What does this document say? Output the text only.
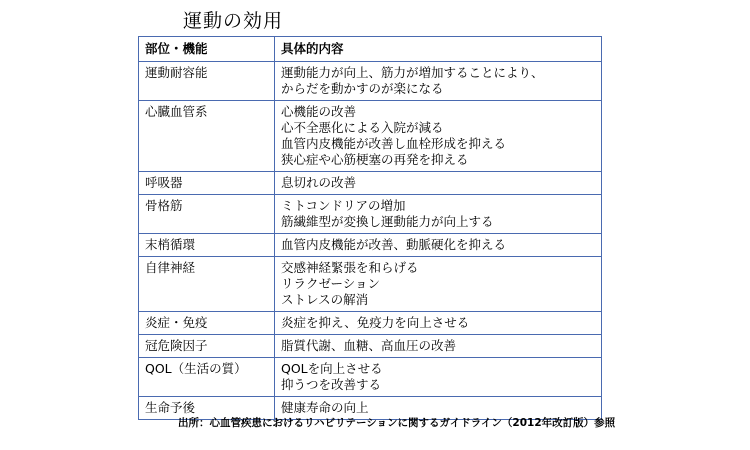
運動の効用
部位・機能	具体的内容
運動耐容能	運動能力が向上、筋力が増加することにより、
からだを動かすのが楽になる

心臓血管系	心機能の改善
心不全悪化による入院が減る
血管内皮機能が改善し血栓形成を抑える
狭心症や心筋梗塞の再発を抑える

呼吸器	息切れの改善

骨格筋	ミトコンドリアの増加
筋繊維型が変換し運動能力が向上する

末梢循環	血管内皮機能が改善、動脈硬化を抑える

自律神経	交感神経緊張を和らげる
リラクゼーション
ストレスの解消

炎症・免疫	炎症を抑え、免疫力を向上させる

冠危険因子	脂質代謝、血糖、高血圧の改善

QOL（生活の質）	QOLを向上させる
抑うつを改善する

生命予後	健康寿命の向上
出所：心血管疾患におけるリハビリテーションに関するガイドライン（2012年改訂版）参照
